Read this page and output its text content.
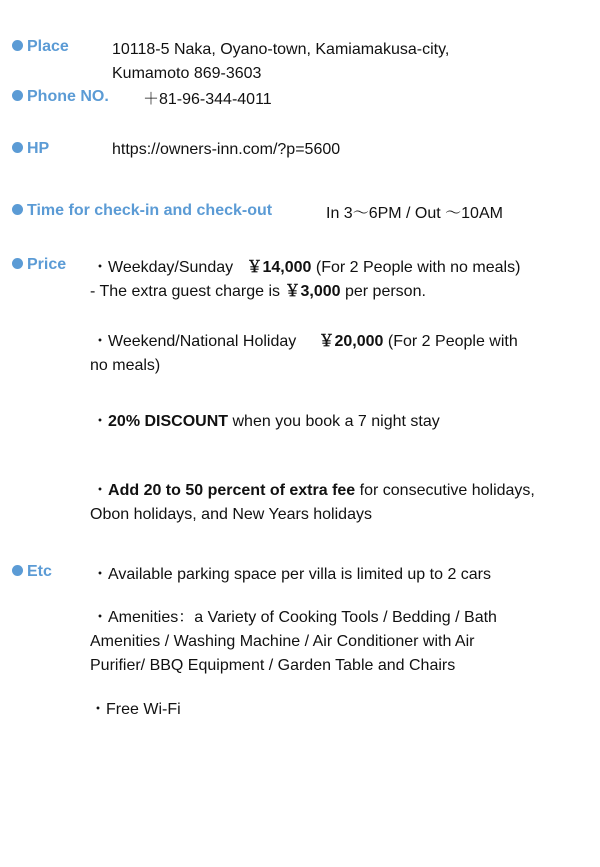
Place	10118-5 Naka, Oyano-town, Kamiamakusa-city,
Kumamoto 869-3603
Phone NO. ＋81-96-344-4011
HP	https://owners-inn.com/?p=5600
Time for check-in and check-out	In 3〜6PM / Out 〜10AM
Price ・Weekday/Sunday ￥14,000 (For 2 People with no meals)
- The extra guest charge is ￥3,000 per person.
・Weekend/National Holiday ￥20,000 (For 2 People with
no meals)
・20% DISCOUNT when you book a 7 night stay
・Add 20 to 50 percent of extra fee for consecutive holidays,
Obon holidays, and New Years holidays
Etc	・Available parking space per villa is limited up to 2 cars
・Amenities：a Variety of Cooking Tools / Bedding / Bath
Amenities / Washing Machine / Air Conditioner with Air
Purifier/ BBQ Equipment / Garden Table and Chairs
・Free Wi-Fi
